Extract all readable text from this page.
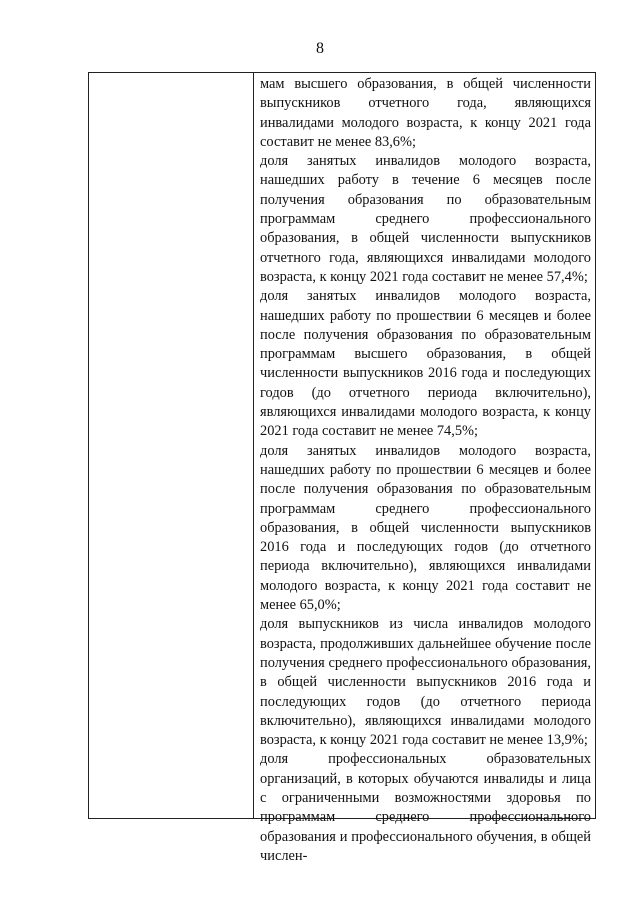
8
мам высшего образования, в общей численности выпускников отчетного года, являющихся инвалидами молодого возраста, к концу 2021 года составит не менее 83,6%;
доля занятых инвалидов молодого возраста, нашедших работу в течение 6 месяцев после получения образования по образовательным программам среднего профессионального образования, в общей численности выпускников отчетного года, являющихся инвалидами молодого возраста, к концу 2021 года составит не менее 57,4%;
доля занятых инвалидов молодого возраста, нашедших работу по прошествии 6 месяцев и более после получения образования по образовательным программам высшего образования, в общей численности выпускников 2016 года и последующих годов (до отчетного периода включительно), являющихся инвалидами молодого возраста, к концу 2021 года составит не менее 74,5%;
доля занятых инвалидов молодого возраста, нашедших работу по прошествии 6 месяцев и более после получения образования по образовательным программам среднего профессионального образования, в общей численности выпускников 2016 года и последующих годов (до отчетного периода включительно), являющихся инвалидами молодого возраста, к концу 2021 года составит не менее 65,0%;
доля выпускников из числа инвалидов молодого возраста, продолживших дальнейшее обучение после получения среднего профессионального образования, в общей численности выпускников 2016 года и последующих годов (до отчетного периода включительно), являющихся инвалидами молодого возраста, к концу 2021 года составит не менее 13,9%;
доля профессиональных образовательных организаций, в которых обучаются инвалиды и лица с ограниченными возможностями здоровья по программам среднего профессионального образования и профессионального обучения, в общей числен-
